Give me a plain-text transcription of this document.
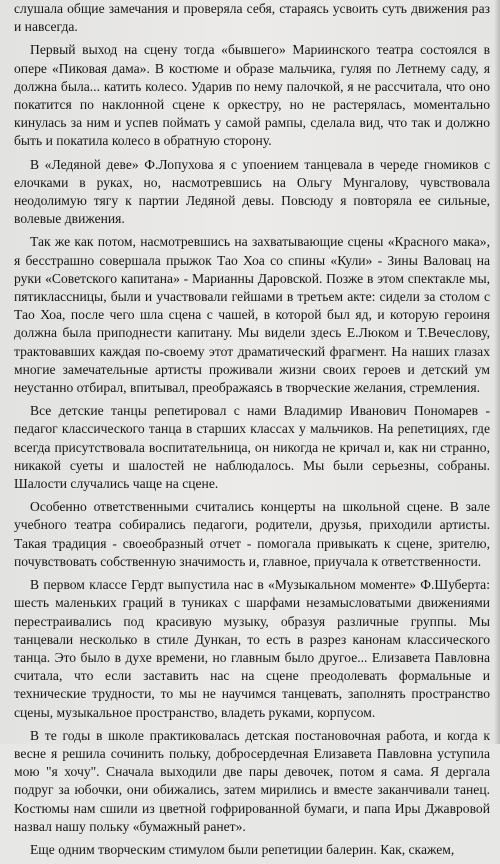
слушала общие замечания и проверяла себя, стараясь усвоить суть движения раз и навсегда.

Первый выход на сцену тогда «бывшего» Мариинского театра состоялся в опере «Пиковая дама». В костюме и образе мальчика, гуляя по Летнему саду, я должна была... катить колесо. Ударив по нему палочкой, я не рассчитала, что оно покатится по наклонной сцене к оркестру, но не растерялась, моментально кинулась за ним и успев поймать у самой рампы, сделала вид, что так и должно быть и покатила колесо в обратную сторону.

В «Ледяной деве» Ф.Лопухова я с упоением танцевала в череде гномиков с елочками в руках, но, насмотревшись на Ольгу Мунгалову, чувствовала неодолимую тягу к партии Ледяной девы. Повсюду я повторяла ее сильные, волевые движения.

Так же как потом, насмотревшись на захватывающие сцены «Красного мака», я бесстрашно совершала прыжок Тао Хоа со спины «Кули» - Зины Валовац на руки «Советского капитана» - Марианны Даровской. Позже в этом спектакле мы, пятиклассницы, были и участвовали гейшами в третьем акте: сидели за столом с Тао Хоа, после чего шла сцена с чашей, в которой был яд, и которую героиня должна была приподнести капитану. Мы видели здесь Е.Люком и Т.Вечеслову, трактовавших каждая по-своему этот драматический фрагмент. На наших глазах многие замечательные артисты проживали жизни своих героев и детский ум неустанно отбирал, впитывал, преображаясь в творческие желания, стремления.

Все детские танцы репетировал с нами Владимир Иванович Пономарев - педагог классического танца в старших классах у мальчиков. На репетициях, где всегда присутствовала воспитательница, он никогда не кричал и, как ни странно, никакой суеты и шалостей не наблюдалось. Мы были серьезны, собраны. Шалости случались чаще на сцене.

Особенно ответственными считались концерты на школьной сцене. В зале учебного театра собирались педагоги, родители, друзья, приходили артисты. Такая традиция - своеобразный отчет - помогала привыкать к сцене, зрителю, почувствовать собственную значимость и, главное, приучала к ответственности.

В первом классе Гердт выпустила нас в «Музыкальном моменте» Ф.Шуберта: шесть маленьких граций в туниках с шарфами незамысловатыми движениями перестраивались под красивую музыку, образуя различные группы. Мы танцевали несколько в стиле Дункан, то есть в разрез канонам классического танца. Это было в духе времени, но главным было другое... Елизавета Павловна считала, что если заставить нас на сцене преодолевать формальные и технические трудности, то мы не научимся танцевать, заполнять пространство сцены, музыкальное пространство, владеть руками, корпусом.

В те годы в школе практиковалась детская постановочная работа, и когда к весне я решила сочинить польку, добросердечная Елизавета Павловна уступила мою "я хочу". Сначала выходили две пары девочек, потом я сама. Я дергала подруг за юбочки, они обижались, затем мирились и вместе заканчивали танец. Костюмы нам сшили из цветной гофрированной бумаги, и папа Иры Джавровой назвал нашу польку «бумажный ранет».

Еще одним творческим стимулом были репетиции балерин. Как, скажем,
